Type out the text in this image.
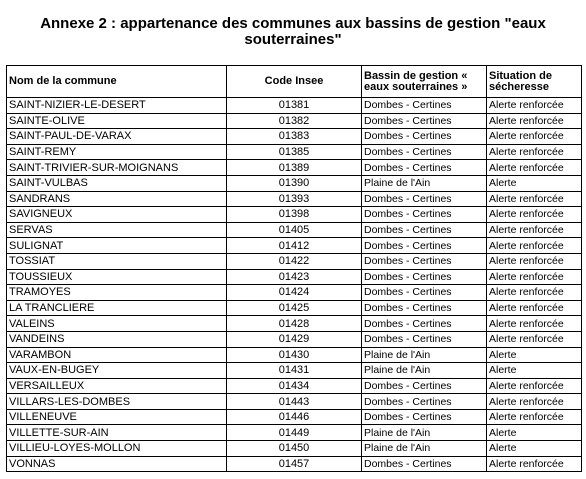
Annexe 2 : appartenance des communes aux bassins de gestion "eaux souterraines"
Nom de la commune	Code Insee	Bassin de gestion « eaux souterraines »	Situation de sécheresse
SAINT-NIZIER-LE-DESERT	01381	Dombes - Certines	Alerte renforcée
SAINTE-OLIVE	01382	Dombes - Certines	Alerte renforcée
SAINT-PAUL-DE-VARAX	01383	Dombes - Certines	Alerte renforcée
SAINT-REMY	01385	Dombes - Certines	Alerte renforcée
SAINT-TRIVIER-SUR-MOIGNANS	01389	Dombes - Certines	Alerte renforcée
SAINT-VULBAS	01390	Plaine de l'Ain	Alerte
SANDRANS	01393	Dombes - Certines	Alerte renforcée
SAVIGNEUX	01398	Dombes - Certines	Alerte renforcée
SERVAS	01405	Dombes - Certines	Alerte renforcée
SULIGNAT	01412	Dombes - Certines	Alerte renforcée
TOSSIAT	01422	Dombes - Certines	Alerte renforcée
TOUSSIEUX	01423	Dombes - Certines	Alerte renforcée
TRAMOYES	01424	Dombes - Certines	Alerte renforcée
LA TRANCLIERE	01425	Dombes - Certines	Alerte renforcée
VALEINS	01428	Dombes - Certines	Alerte renforcée
VANDEINS	01429	Dombes - Certines	Alerte renforcée
VARAMBON	01430	Plaine de l'Ain	Alerte
VAUX-EN-BUGEY	01431	Plaine de l'Ain	Alerte
VERSAILLEUX	01434	Dombes - Certines	Alerte renforcée
VILLARS-LES-DOMBES	01443	Dombes - Certines	Alerte renforcée
VILLENEUVE	01446	Dombes - Certines	Alerte renforcée
VILLETTE-SUR-AIN	01449	Plaine de l'Ain	Alerte
VILLIEU-LOYES-MOLLON	01450	Plaine de l'Ain	Alerte
VONNAS	01457	Dombes - Certines	Alerte renforcée
